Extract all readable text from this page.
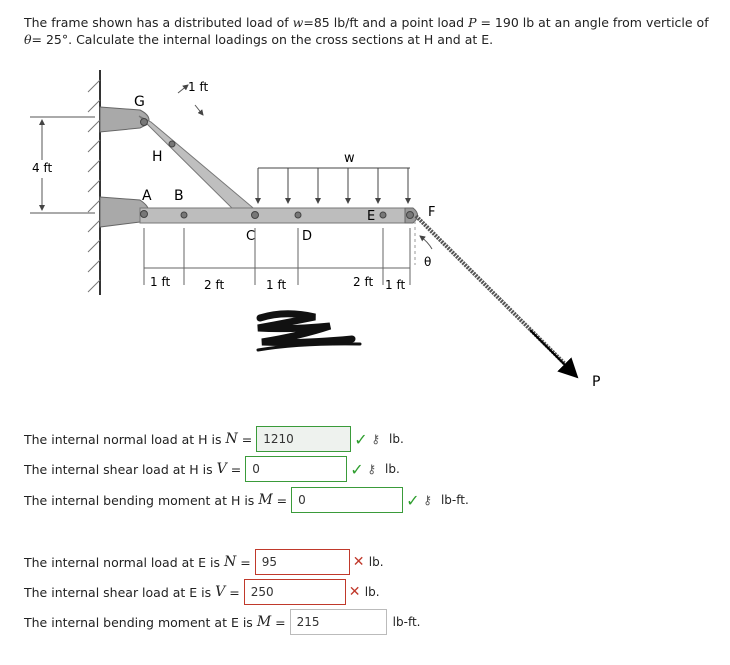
The frame shown has a distributed load of w=85 lb/ft and a point load P = 190 lb at an angle from verticle of θ= 25°. Calculate the internal loadings on the cross sections at H and at E.
4 ft
w
1 ft
G
H
A B
C	D
E	F
1 ft	2 ft	1 ft	2 ft 1 ft
θ
P
The internal normal load at H is N = 1210	✓ ⚷ lb.
The internal shear load at H is V = 0	✓ ⚷ lb.
The internal bending moment at H is M = 0	✓ ⚷ lb-ft.
The internal normal load at E is N = 95	✕ lb.
The internal shear load at E is V = 250	✕ lb.
The internal bending moment at E is M = 215	lb-ft.
